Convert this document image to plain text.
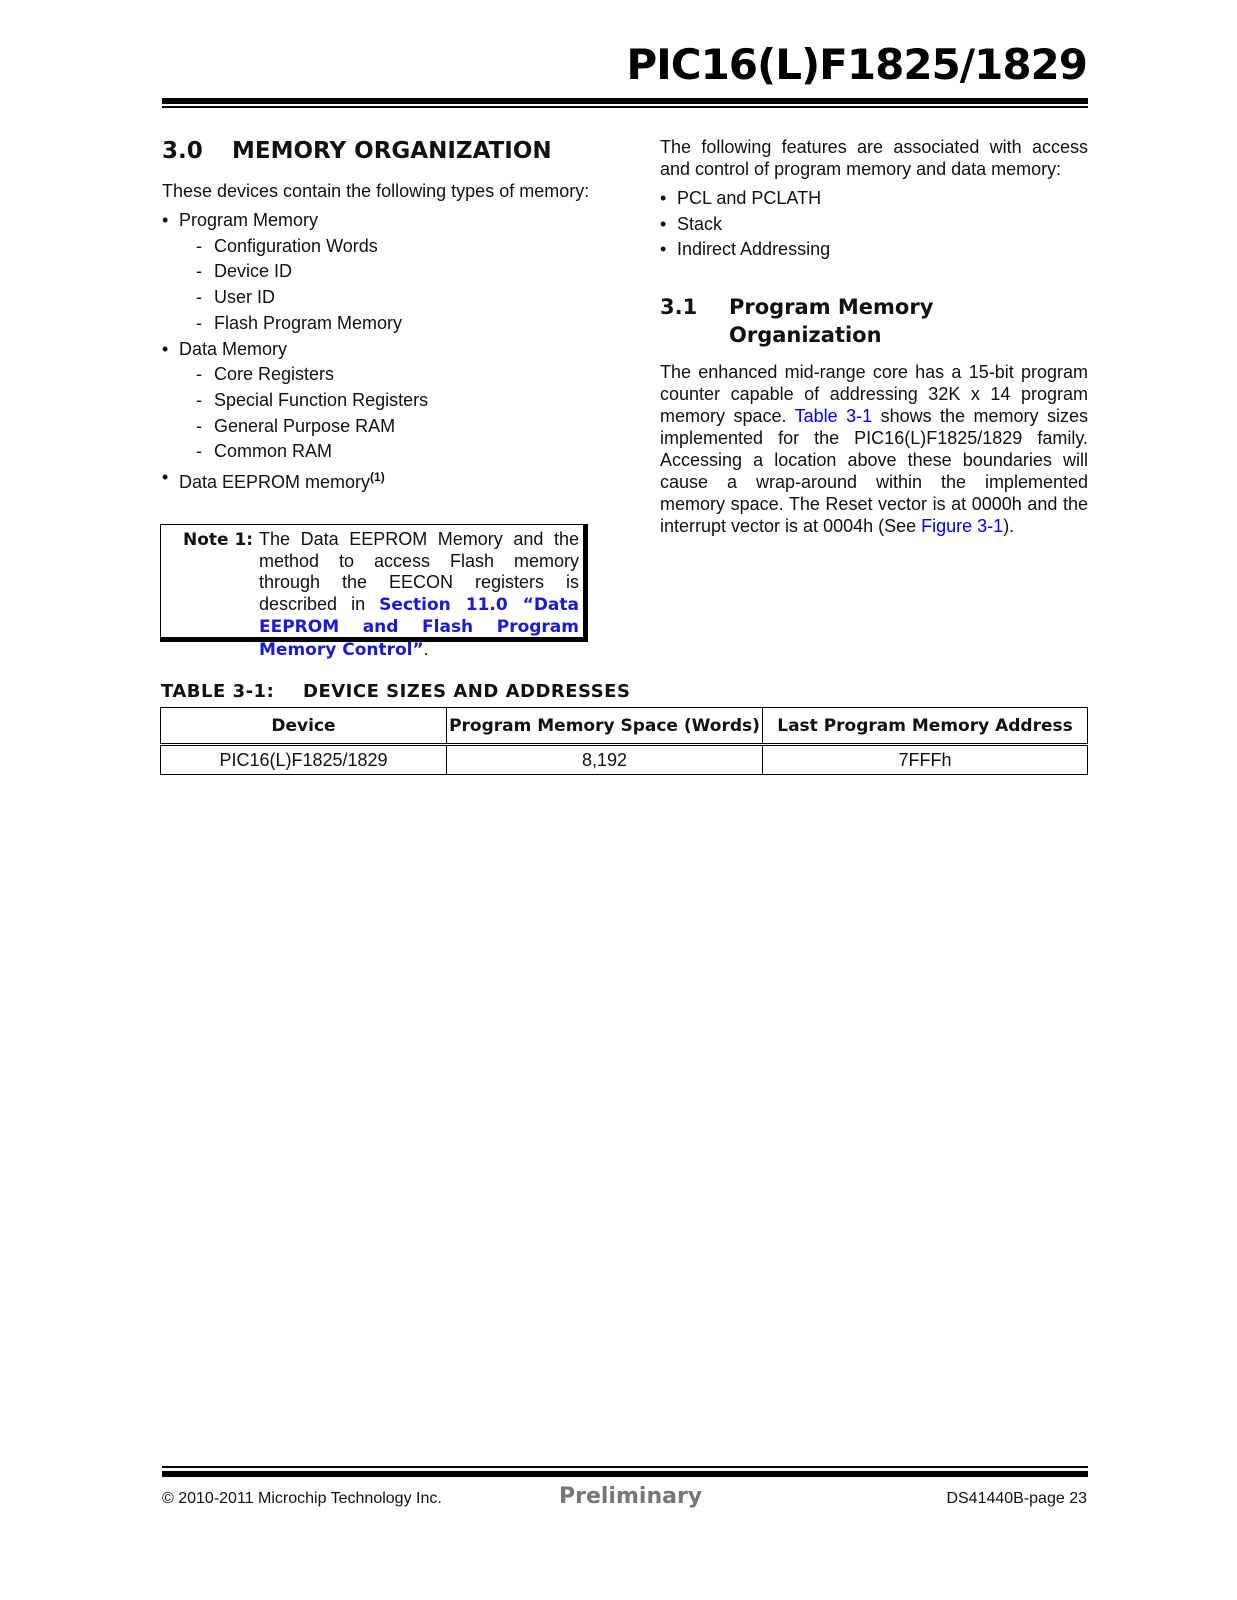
PIC16(L)F1825/1829
3.0	MEMORY ORGANIZATION

These devices contain the following types of memory:

• Program Memory
- Configuration Words
- Device ID
- User ID
- Flash Program Memory
• Data Memory
- Core Registers
- Special Function Registers
- General Purpose RAM
- Common RAM
• Data EEPROM memory$^{(1)}$
Note 1: The Data EEPROM Memory and the method to access Flash memory through the EECON registers is described in Section 11.0 “Data EEPROM and Flash Program Memory Control”.

The following features are associated with access and control of program memory and data memory:

• PCL and PCLATH
• Stack
• Indirect Addressing
3.1	Program Memory Organization

The enhanced mid-range core has a 15-bit program counter capable of addressing 32K x 14 program memory space. Table 3-1 shows the memory sizes implemented for the PIC16(L)F1825/1829 family. Accessing a location above these boundaries will cause a wrap-around within the implemented memory space. The Reset vector is at 0000h and the interrupt vector is at 0004h (See Figure 3-1).

TABLE 3-1:	DEVICE SIZES AND ADDRESSES
Device	Program Memory Space (Words)	Last Program Memory Address
PIC16(L)F1825/1829	8,192	7FFFh
© 2010-2011 Microchip Technology Inc.	Preliminary	DS41440B-page 23
